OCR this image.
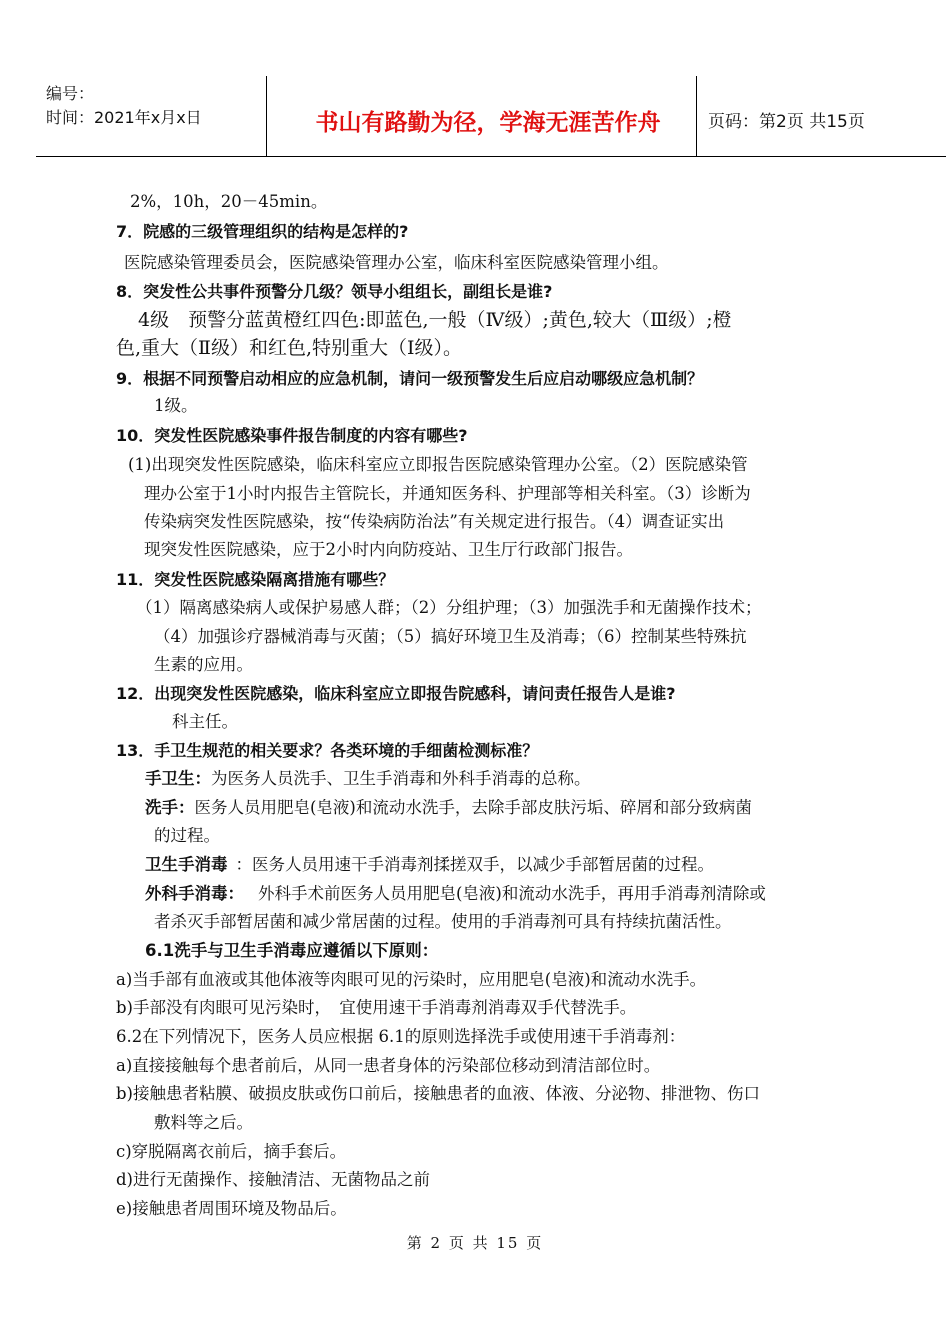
编号：
时间：2021年x月x日	书山有路勤为径，学海无涯苦作舟	页码：第2页 共15页
2%，10h，20－45min。
7．院感的三级管理组织的结构是怎样的?
医院感染管理委员会，医院感染管理办公室，临床科室医院感染管理小组。
8．突发性公共事件预警分几级？领导小组组长，副组长是谁?
4级　预警分蓝黄橙红四色:即蓝色,一般（Ⅳ级）;黄色,较大（Ⅲ级）;橙
色,重大（Ⅱ级）和红色,特别重大（Ⅰ级）。
9．根据不同预警启动相应的应急机制，请问一级预警发生后应启动哪级应急机制？
1级。
10．突发性医院感染事件报告制度的内容有哪些?
(1)出现突发性医院感染，临床科室应立即报告医院感染管理办公室。（2）医院感染管
理办公室于1小时内报告主管院长，并通知医务科、护理部等相关科室。（3）诊断为
传染病突发性医院感染，按“传染病防治法”有关规定进行报告。（4）调查证实出
现突发性医院感染，应于2小时内向防疫站、卫生厅行政部门报告。
11．突发性医院感染隔离措施有哪些？
（1）隔离感染病人或保护易感人群；（2）分组护理；（3）加强洗手和无菌操作技术；
（4）加强诊疗器械消毒与灭菌；（5）搞好环境卫生及消毒；（6）控制某些特殊抗
生素的应用。
12．出现突发性医院感染，临床科室应立即报告院感科，请问责任报告人是谁?
科主任。
13．手卫生规范的相关要求？各类环境的手细菌检测标准？
手卫生：为医务人员洗手、卫生手消毒和外科手消毒的总称。
洗手：医务人员用肥皂(皂液)和流动水洗手，去除手部皮肤污垢、碎屑和部分致病菌
的过程。
卫生手消毒 ：医务人员用速干手消毒剂揉搓双手，以减少手部暂居菌的过程。
外科手消毒： 外科手术前医务人员用肥皂(皂液)和流动水洗手，再用手消毒剂清除或
者杀灭手部暂居菌和减少常居菌的过程。使用的手消毒剂可具有持续抗菌活性。
6.1洗手与卫生手消毒应遵循以下原则：
a)当手部有血液或其他体液等肉眼可见的污染时，应用肥皂(皂液)和流动水洗手。
b)手部没有肉眼可见污染时，　宜使用速干手消毒剂消毒双手代替洗手。
6.2在下列情况下，医务人员应根据 6.1的原则选择洗手或使用速干手消毒剂：
a)直接接触每个患者前后，从同一患者身体的污染部位移动到清洁部位时。
b)接触患者粘膜、破损皮肤或伤口前后，接触患者的血液、体液、分泌物、排泄物、伤口
敷料等之后。
c)穿脱隔离衣前后，摘手套后。
d)进行无菌操作、接触清洁、无菌物品之前
e)接触患者周围环境及物品后。
第 2 页 共 15 页
